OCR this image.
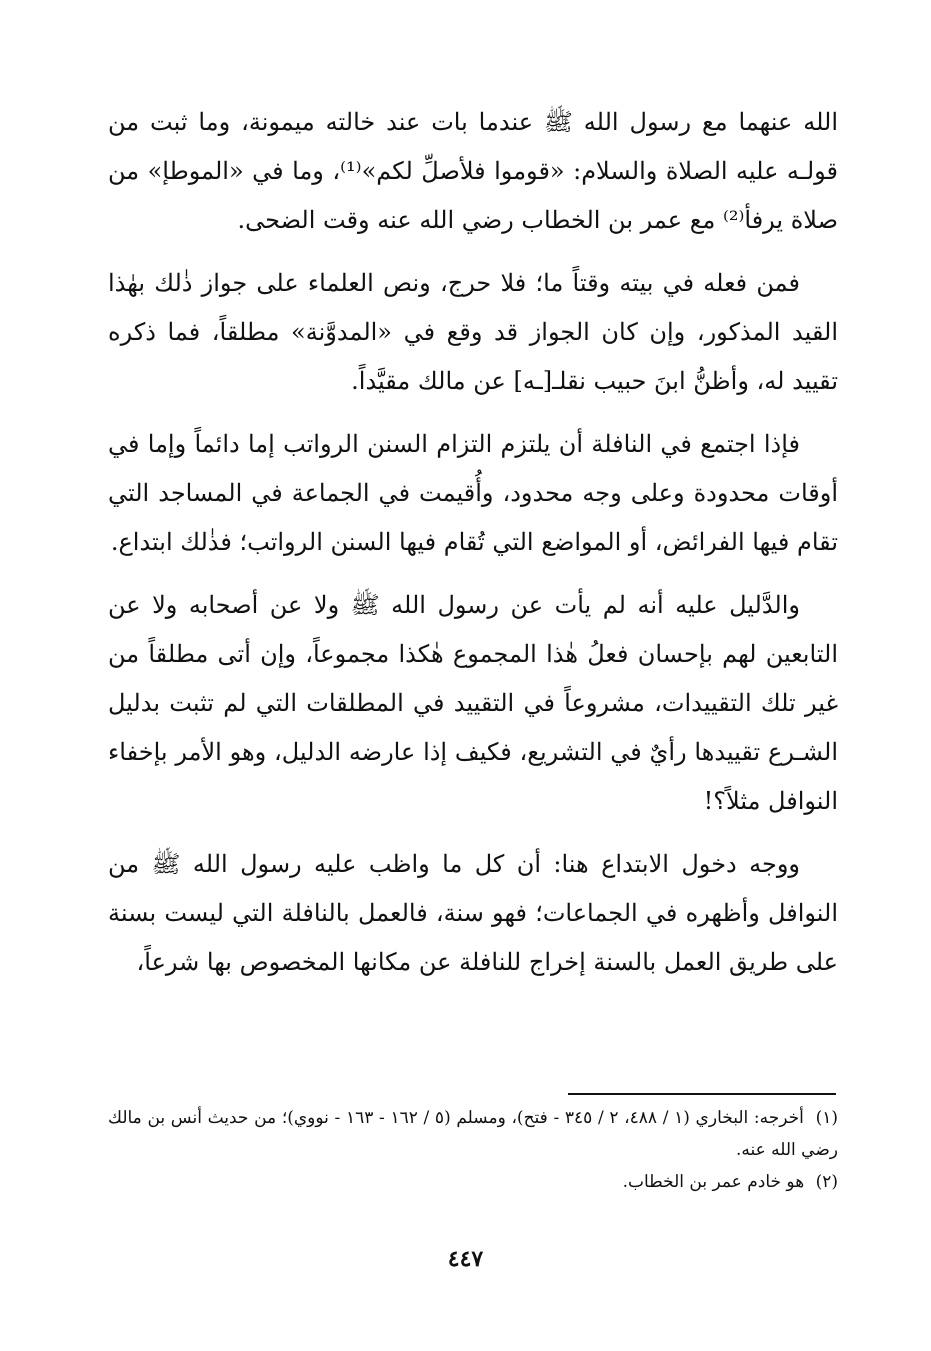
الله عنهما مع رسول الله ﷺ عندما بات عند خالته ميمونة، وما ثبت من قولـه عليه الصلاة والسلام: «قوموا فلأصلِّ لكم»⁽¹⁾، وما في «الموطإ» من صلاة يرفأ⁽²⁾ مع عمر بن الخطاب رضي الله عنه وقت الضحى.

فمن فعله في بيته وقتاً ما؛ فلا حرج، ونص العلماء على جواز ذٰلك بهٰذا القيد المذكور، وإن كان الجواز قد وقع في «المدوَّنة» مطلقاً، فما ذكره تقييد له، وأظنُّ ابنَ حبيب نقلـ[ـه] عن مالك مقيَّداً.

فإذا اجتمع في النافلة أن يلتزم التزام السنن الرواتب إما دائماً وإما في أوقات محدودة وعلى وجه محدود، وأُقيمت في الجماعة في المساجد التي تقام فيها الفرائض، أو المواضع التي تُقام فيها السنن الرواتب؛ فذٰلك ابتداع.

والدَّليل عليه أنه لم يأت عن رسول الله ﷺ ولا عن أصحابه ولا عن التابعين لهم بإحسان فعلُ هٰذا المجموع هٰكذا مجموعاً، وإن أتى مطلقاً من غير تلك التقييدات، مشروعاً في التقييد في المطلقات التي لم تثبت بدليل الشـرع تقييدها رأيٌ في التشريع، فكيف إذا عارضه الدليل، وهو الأمر بإخفاء النوافل مثلاً؟!

ووجه دخول الابتداع هنا: أن كل ما واظب عليه رسول الله ﷺ من النوافل وأظهره في الجماعات؛ فهو سنة، فالعمل بالنافلة التي ليست بسنة على طريق العمل بالسنة إخراج للنافلة عن مكانها المخصوص بها شرعاً،

(١) أخرجه: البخاري (١ / ٤٨٨، ٢ / ٣٤٥ - فتح)، ومسلم (٥ / ١٦٢ - ١٦٣ - نووي)؛ من حديث أنس بن مالك رضي الله عنه.

(٢) هو خادم عمر بن الخطاب.

٤٤٧
